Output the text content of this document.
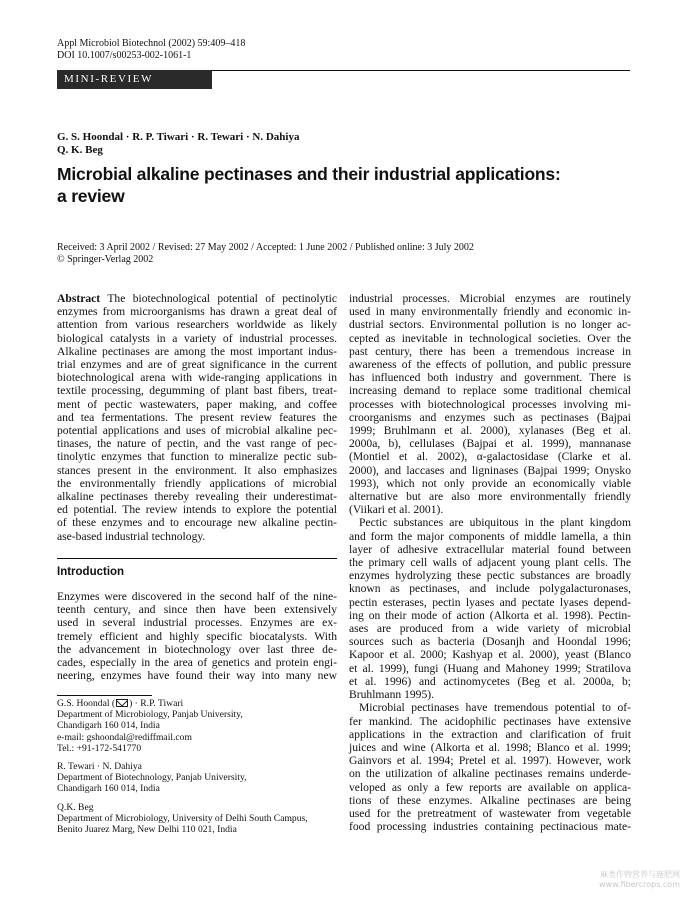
Appl Microbiol Biotechnol (2002) 59:409–418
DOI 10.1007/s00253-002-1061-1
MINI-REVIEW
G. S. Hoondal · R. P. Tiwari · R. Tewari · N. Dahiya
Q. K. Beg
Microbial alkaline pectinases and their industrial applications:
a review
Received: 3 April 2002 / Revised: 27 May 2002 / Accepted: 1 June 2002 / Published online: 3 July 2002
© Springer-Verlag 2002
Abstract The biotechnological potential of pectinolytic
enzymes from microorganisms has drawn a great deal of
attention from various researchers worldwide as likely
biological catalysts in a variety of industrial processes.
Alkaline pectinases are among the most important indus-
trial enzymes and are of great significance in the current
biotechnological arena with wide-ranging applications in
textile processing, degumming of plant bast fibers, treat-
ment of pectic wastewaters, paper making, and coffee
and tea fermentations. The present review features the
potential applications and uses of microbial alkaline pec-
tinases, the nature of pectin, and the vast range of pec-
tinolytic enzymes that function to mineralize pectic sub-
stances present in the environment. It also emphasizes
the environmentally friendly applications of microbial
alkaline pectinases thereby revealing their underestimat-
ed potential. The review intends to explore the potential
of these enzymes and to encourage new alkaline pectin-
ase-based industrial technology.
Introduction
Enzymes were discovered in the second half of the nine-
teenth century, and since then have been extensively
used in several industrial processes. Enzymes are ex-
tremely efficient and highly specific biocatalysts. With
the advancement in biotechnology over last three de-
cades, especially in the area of genetics and protein engi-
neering, enzymes have found their way into many new
G.S. Hoondal ( ) · R.P. Tiwari
Department of Microbiology, Panjab University,
Chandigarh 160 014, India
e-mail: gshoondal@rediffmail.com
Tel.: +91-172-541770
R. Tewari · N. Dahiya
Department of Biotechnology, Panjab University,
Chandigarh 160 014, India
Q.K. Beg
Department of Microbiology, University of Delhi South Campus,
Benito Juarez Marg, New Delhi 110 021, India
industrial processes. Microbial enzymes are routinely
used in many environmentally friendly and economic in-
dustrial sectors. Environmental pollution is no longer ac-
cepted as inevitable in technological societies. Over the
past century, there has been a tremendous increase in
awareness of the effects of pollution, and public pressure
has influenced both industry and government. There is
increasing demand to replace some traditional chemical
processes with biotechnological processes involving mi-
croorganisms and enzymes such as pectinases (Bajpai
1999; Bruhlmann et al. 2000), xylanases (Beg et al.
2000a, b), cellulases (Bajpai et al. 1999), mannanase
(Montiel et al. 2002), α-galactosidase (Clarke et al.
2000), and laccases and ligninases (Bajpai 1999; Onysko
1993), which not only provide an economically viable
alternative but are also more environmentally friendly
(Viikari et al. 2001).
Pectic substances are ubiquitous in the plant kingdom
and form the major components of middle lamella, a thin
layer of adhesive extracellular material found between
the primary cell walls of adjacent young plant cells. The
enzymes hydrolyzing these pectic substances are broadly
known as pectinases, and include polygalacturonases,
pectin esterases, pectin lyases and pectate lyases depend-
ing on their mode of action (Alkorta et al. 1998). Pectin-
ases are produced from a wide variety of microbial
sources such as bacteria (Dosanjh and Hoondal 1996;
Kapoor et al. 2000; Kashyap et al. 2000), yeast (Blanco
et al. 1999), fungi (Huang and Mahoney 1999; Stratilova
et al. 1996) and actinomycetes (Beg et al. 2000a, b;
Bruhlmann 1995).
Microbial pectinases have tremendous potential to of-
fer mankind. The acidophilic pectinases have extensive
applications in the extraction and clarification of fruit
juices and wine (Alkorta et al. 1998; Blanco et al. 1999;
Gainvors et al. 1994; Pretel et al. 1997). However, work
on the utilization of alkaline pectinases remains underde-
veloped as only a few reports are available on applica-
tions of these enzymes. Alkaline pectinases are being
used for the pretreatment of wastewater from vegetable
food processing industries containing pectinacious mate-
麻类作物营养与施肥网
www.fibercrops.com
